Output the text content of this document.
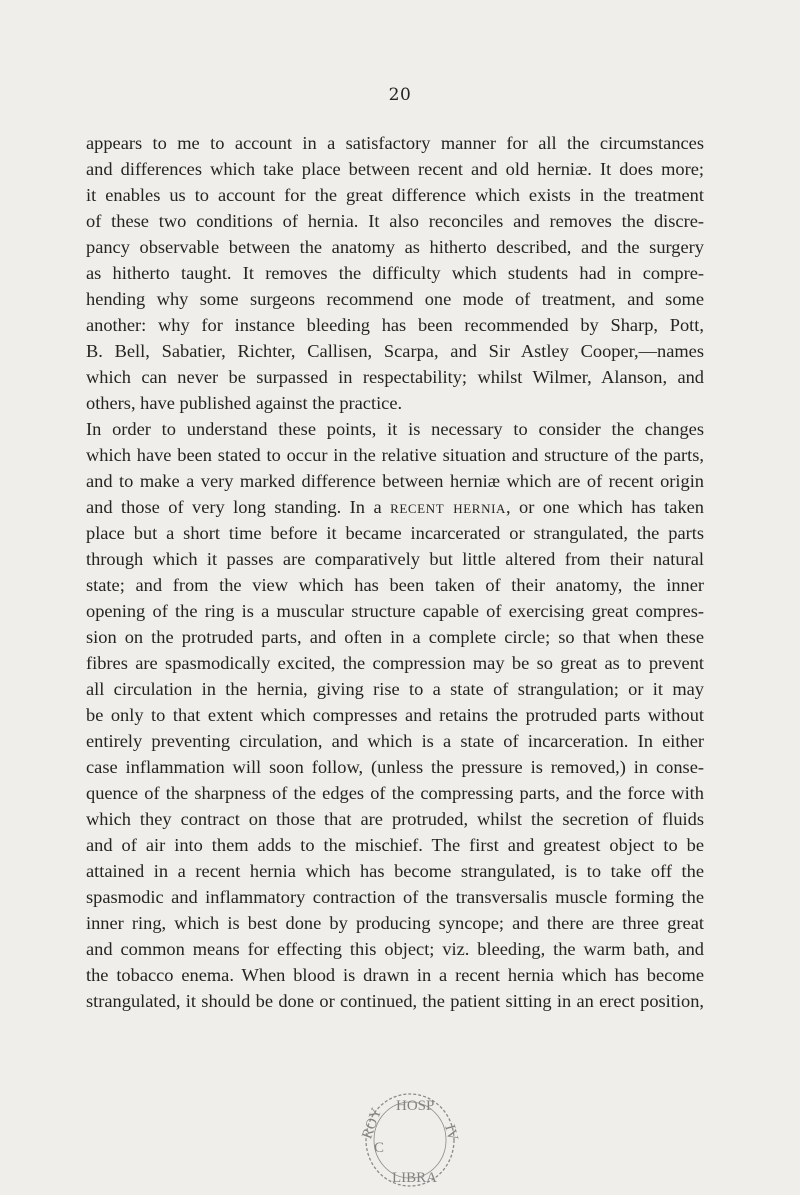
20
appears to me to account in a satisfactory manner for all the circumstances
and differences which take place between recent and old herniæ. It does more;
it enables us to account for the great difference which exists in the treatment
of these two conditions of hernia. It also reconciles and removes the discre-
pancy observable between the anatomy as hitherto described, and the surgery
as hitherto taught. It removes the difficulty which students had in compre-
hending why some surgeons recommend one mode of treatment, and some
another: why for instance bleeding has been recommended by Sharp, Pott,
B. Bell, Sabatier, Richter, Callisen, Scarpa, and Sir Astley Cooper,—names
which can never be surpassed in respectability; whilst Wilmer, Alanson, and
others, have published against the practice.
In order to understand these points, it is necessary to consider the changes
which have been stated to occur in the relative situation and structure of the parts,
and to make a very marked difference between herniæ which are of recent origin
and those of very long standing. In a recent hernia, or one which has taken
place but a short time before it became incarcerated or strangulated, the parts
through which it passes are comparatively but little altered from their natural
state; and from the view which has been taken of their anatomy, the inner
opening of the ring is a muscular structure capable of exercising great compres-
sion on the protruded parts, and often in a complete circle; so that when these
fibres are spasmodically excited, the compression may be so great as to prevent
all circulation in the hernia, giving rise to a state of strangulation; or it may
be only to that extent which compresses and retains the protruded parts without
entirely preventing circulation, and which is a state of incarceration. In either
case inflammation will soon follow, (unless the pressure is removed,) in conse-
quence of the sharpness of the edges of the compressing parts, and the force with
which they contract on those that are protruded, whilst the secretion of fluids
and of air into them adds to the mischief. The first and greatest object to be
attained in a recent hernia which has become strangulated, is to take off the
spasmodic and inflammatory contraction of the transversalis muscle forming the
inner ring, which is best done by producing syncope; and there are three great
and common means for effecting this object; viz. bleeding, the warm bath, and
the tobacco enema. When blood is drawn in a recent hernia which has become
strangulated, it should be done or continued, the patient sitting in an erect position,
HOSP
LIBRA
ROY	IV
C
